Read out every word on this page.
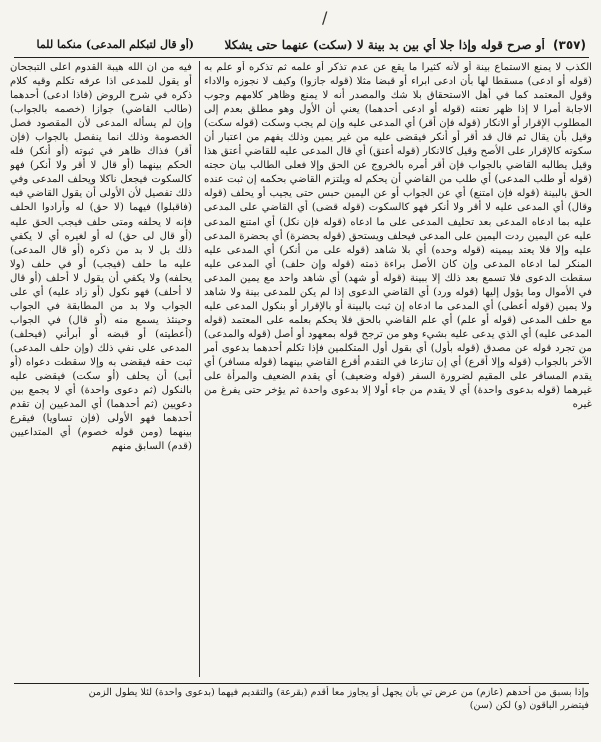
/
(أو قال لتبكلم المدعى) منكما للما	(٣٥٧) أو صرح قوله وإذا جلا أي بين بد بينة لا (سكت) عنهما حتى يشكلا

الكذب لا يمنع الاستماع بينة أو لأنه كثيرا ما يقع عن عدم تذكر أو علمه ثم تذكره أو علم به (قوله أو ادعى) مسقطا لها بأن ادعى ابراء أو قبضا مثلا (قوله جازوا) وكيف لا نجوزه والاداء وقول المعتمد كما في أهل الاستحقاق بلا شك والمصدر أنه لا يمنع وظاهر كلامهم وجوب الاجابة أمرا لا إذا ظهر تعنته (قوله أو ادعى أحدهما) يعني أن الأول وهو مطلق بعدم إلى المطلوب الإقرار أو الانكار (قوله فإن أقر) أي المدعى عليه وإن لم يجب وسكت (قوله سكت) وقيل بأن يقال ثم قال قد أقر أو أنكر فيقضى عليه من غير يمين وذلك يفهم من اعتبار أن سكوته كالإقرار على الأصح وقيل كالانكار (قوله أعتق) أي قال المدعى عليه للقاضي أعتق هذا وقيل يطالبه القاضي بالجواب فإن أقر أمره بالخروج عن الحق وإلا فعلى الطالب بيان حجته (قوله أو طلب المدعى) أي طلب من القاضي أن يحكم له ويلتزم القاضي بحكمه إن ثبت عنده الحق بالبينة (قوله فإن امتنع) أي عن الجواب أو عن اليمين حبس حتى يجيب أو يحلف (قوله وقال) أي المدعى عليه لا أقر ولا أنكر فهو كالسكوت (قوله قضى) أي القاضي على المدعى عليه بما ادعاه المدعى بعد تحليف المدعى على ما ادعاه (قوله فإن نكل) أي امتنع المدعى عليه عن اليمين ردت اليمين على المدعى فيحلف ويستحق (قوله بحضرة) أي بحضرة المدعى عليه وإلا فلا يعتد بيمينه (قوله وحده) أي بلا شاهد (قوله على من أنكر) أي المدعى عليه المنكر لما ادعاه المدعى وإن كان الأصل براءة ذمته (قوله وإن حلف) أي المدعى عليه سقطت الدعوى فلا تسمع بعد ذلك إلا ببينة (قوله أو شهد) أي شاهد واحد مع يمين المدعى في الأموال وما يؤول إليها (قوله ورد) أي القاضي الدعوى إذا لم يكن للمدعى بينة ولا شاهد ولا يمين (قوله أعطى) أي المدعى ما ادعاه إن ثبت بالبينة أو بالإقرار أو بنكول المدعى عليه مع حلف المدعى (قوله أو علم) أي علم القاضي بالحق فلا يحكم بعلمه على المعتمد (قوله المدعى عليه) أي الذي يدعى عليه بشيء وهو من ترجح قوله بمعهود أو أصل (قوله والمدعى) من تجرد قوله عن مصدق (قوله بأول) أي بقول أول المتكلمين فإذا تكلم أحدهما بدعوى أمر الآخر بالجواب (قوله وإلا أقرع) أي إن تنازعا في التقدم أقرع القاضي بينهما (قوله مسافر) أي يقدم المسافر على المقيم لضرورة السفر (قوله وضعيف) أي يقدم الضعيف والمرأة على غيرهما (قوله بدعوى واحدة) أي لا يقدم من جاء أولا إلا بدعوى واحدة ثم يؤخر حتى يفرغ من غيره

فيه من ان الله هيبة القدوم اعلى التبجحان أو يقول للمدعى اذا عرفه تكلم وقيه كلام ذكره في شرح الروض (فاذا ادعى) أحدهما (طالب القاضي) جوازا (خصمه بالجواب) وإن لم يسأله المدعى لأن المقصود فصل الخصومة وذلك انما ينفصل بالجواب (فإن أقر) فذاك ظاهر في ثبوته (أو أنكر) فله الحكم بينهما (أو قال لا أقر ولا أنكر) فهو كالسكوت فيجعل ناكلا ويحلف المدعى وفي ذلك تفصيل لأن الأولى أن يقول القاضي فيه (فاقبلوا) فيهما (لا حق) له وأرادوا الحلف فإنه لا يحلفه ومتى حلف فيجب الحق عليه (أو قال لى حق) له أو لغيره أي لا يكفي ذلك بل لا بد من ذكره (أو قال المدعى) عليه ما حلف (فيجب) أو في حلف (ولا يحلفه) ولا يكفي أن يقول لا أحلف (أو قال لا أحلف) فهو نكول (أو زاد عليه) أي على الجواب ولا بد من المطابقة في الجواب وحينئذ يسمع منه (أو قال) في الجواب (أعطيته) أو قبضه أو أبرأني (فيحلف) المدعى على نفي ذلك (وإن حلف المدعى) ثبت حقه فيقضى به وإلا سقطت دعواه (أو أبى) أن يحلف (أو سكت) فيقضى عليه بالنكول (ثم دعوى واحدة) أي لا يجمع بين دعويين (ثم أحدهما) أي المدعيين إن تقدم أحدهما فهو الأولى (فإن تساويا) فيقرع بينهما (ومن قوله خصوم) أي المتداعيين (قدم) السابق منهم

وإذا بسبق من أحدهم (عازم) من عرض تي بأن يجهل أو يجاوز معا أقدم (بقرعة) والتقديم فيهما (بدعوى واحدة) لئلا يطول الزمن

فيتضرر الباقون (و) لكن (سن)
